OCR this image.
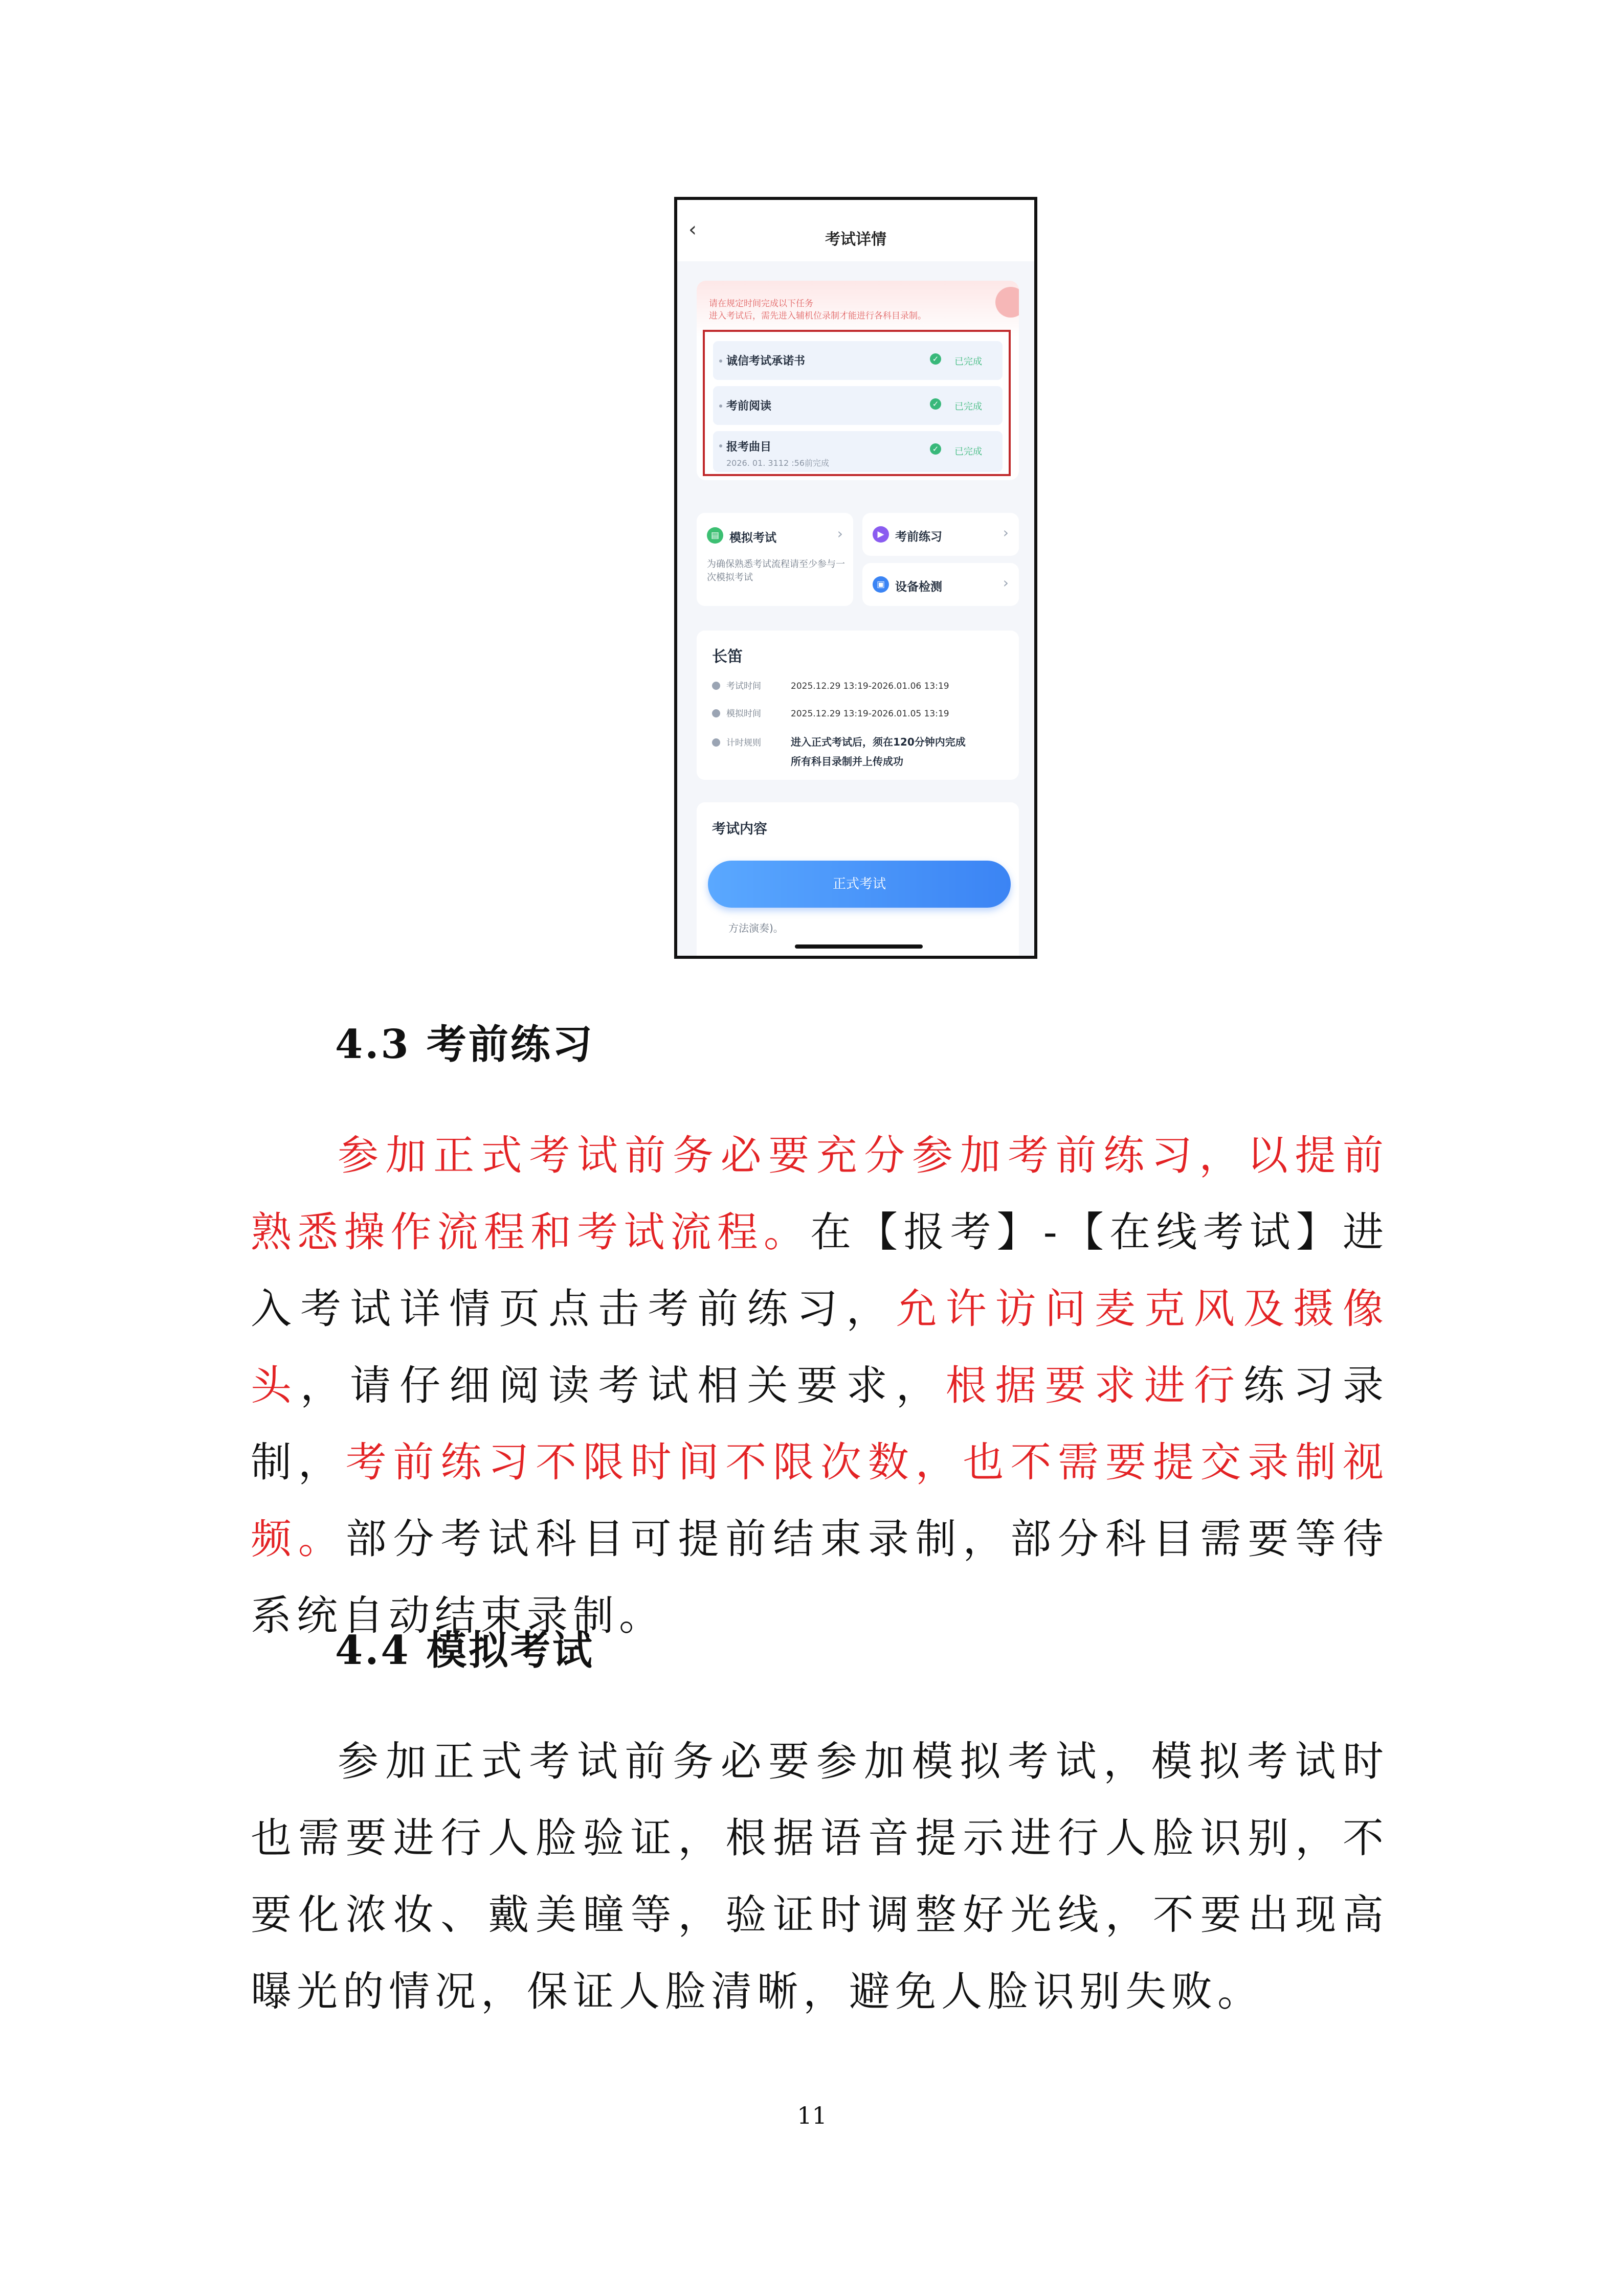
‹	考试详情
请在规定时间完成以下任务
进入考试后，需先进入辅机位录制才能进行各科目录制。
诚信考试承诺书	✓ 已完成
考前阅读	✓ 已完成
报考曲目
2026. 01. 3112 :56前完成
✓ 已完成
▤ 模拟考试	›
为确保熟悉考试流程请至少参与一次模拟考试
▶ 考前练习	›
▣ 设备检测	›
长笛
考试时间	2025.12.29 13:19-2026.01.06 13:19
模拟时间	2025.12.29 13:19-2026.01.05 13:19
计时规则	进入正式考试后，须在120分钟内完成
所有科目录制并上传成功
考试内容
正式考试
方法演奏)。
4.3 考前练习
参加正式考试前务必要充分参加考前练习，以提前熟悉操作流程和考试流程。在【报考】-【在线考试】进入考试详情页点击考前练习，允许访问麦克风及摄像头，请仔细阅读考试相关要求，根据要求进行练习录制，考前练习不限时间不限次数，也不需要提交录制视频。部分考试科目可提前结束录制，部分科目需要等待系统自动结束录制。
4.4 模拟考试
参加正式考试前务必要参加模拟考试，模拟考试时也需要进行人脸验证，根据语音提示进行人脸识别，不要化浓妆、戴美瞳等，验证时调整好光线，不要出现高曝光的情况，保证人脸清晰，避免人脸识别失败。
11
